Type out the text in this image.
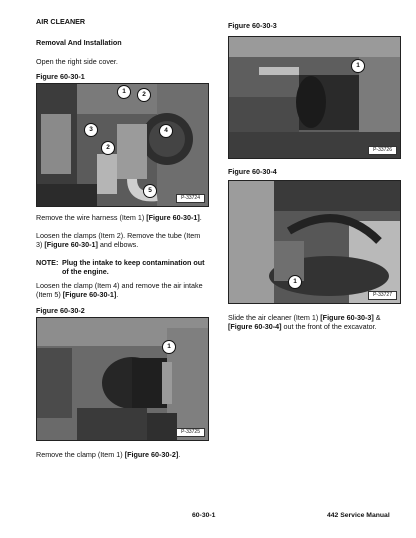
AIR CLEANER

Removal And Installation

Open the right side cover.

Figure 60-30-1

1	2
3
2
4
5
P-33724

Remove the wire harness (Item 1) [Figure 60-30-1].

Loosen the clamps (Item 2). Remove the tube (Item 3) [Figure 60-30-1] and elbows.

NOTE: Plug the intake to keep contamination out of the engine.

Loosen the clamp (Item 4) and remove the air intake (Item 5) [Figure 60-30-1].

Figure 60-30-2

1
P-33725

Remove the clamp (Item 1) [Figure 60-30-2].

Figure 60-30-3

1
P-33726

Figure 60-30-4

1
P-33727

Slide the air cleaner (Item 1) [Figure 60-30-3] & [Figure 60-30-4] out the front of the excavator.

60-30-1	442 Service Manual
